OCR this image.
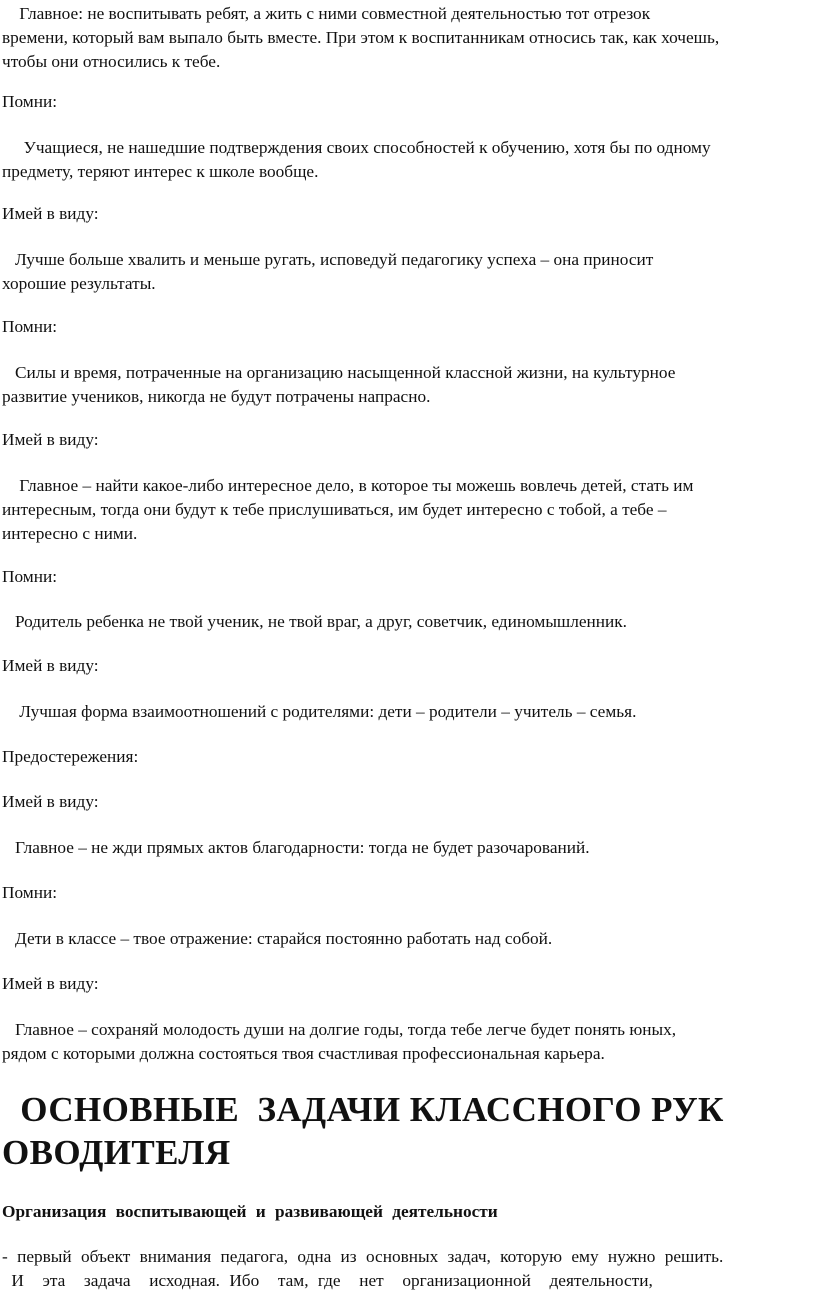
Главное: не воспитывать ребят, а жить с ними совместной деятельностью тот отрезок
времени, который вам выпало быть вместе. При этом к воспитанникам относись так, как хочешь,
чтобы они относились к тебе.

Помни:

Учащиеся, не нашедшие подтверждения своих способностей к обучению, хотя бы по одному
предмету, теряют интерес к школе вообще.

Имей в виду:

Лучше больше хвалить и меньше ругать, исповедуй педагогику успеха – она приносит
хорошие результаты.

Помни:

Силы и время, потраченные на организацию насыщенной классной жизни, на культурное
развитие учеников, никогда не будут потрачены напрасно.

Имей в виду:

Главное – найти какое-либо интересное дело, в которое ты можешь вовлечь детей, стать им
интересным, тогда они будут к тебе прислушиваться, им будет интересно с тобой, а тебе –
интересно с ними.

Помни:

Родитель ребенка не твой ученик, не твой враг, а друг, советчик, единомышленник.

Имей в виду:

Лучшая форма взаимоотношений с родителями: дети – родители – учитель – семья.

Предостережения:

Имей в виду:

Главное – не жди прямых актов благодарности: тогда не будет разочарований.

Помни:

Дети в классе – твое отражение: старайся постоянно работать над собой.

Имей в виду:

Главное – сохраняй молодость души на долгие годы, тогда тебе легче будет понять юных,
рядом с которыми должна состояться твоя счастливая профессиональная карьера.

ОСНОВНЫЕ  ЗАДАЧИ КЛАССНОГО РУК
ОВОДИТЕЛЯ

Организация воспитывающей и развивающей деятельности

- первый объект внимания педагога, одна из основных задач, которую ему нужно решить.
И  эта  задача  исходная. Ибо  там, где  нет  организационной  деятельности,
